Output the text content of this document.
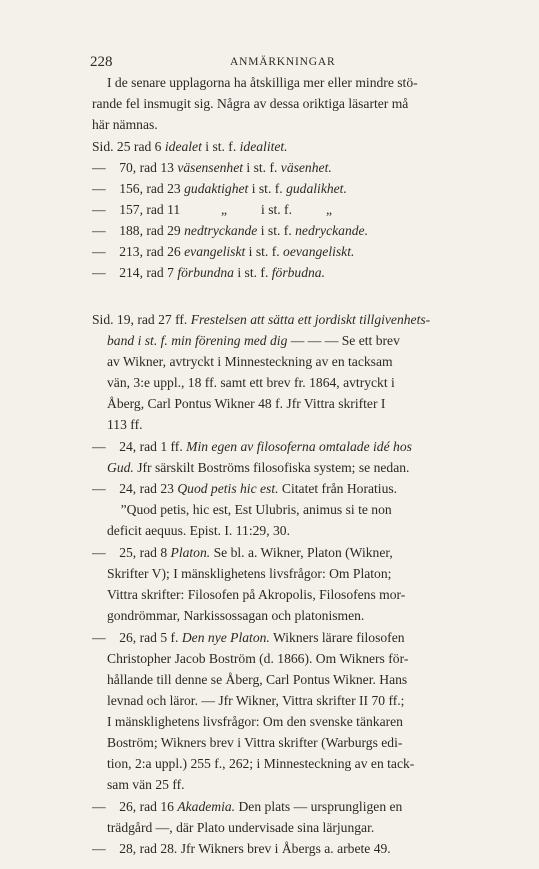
228	ANMÄRKNINGAR
I de senare upplagorna ha åtskilliga mer eller mindre stö-
rande fel insmugit sig. Några av dessa oriktiga läsarter må
här nämnas.
Sid. 25 rad 6 idealet i st. f. idealitet.
—    70, rad 13 väsensenhet i st. f. väsenhet.
—    156, rad 23 gudaktighet i st. f. gudalikhet.
—    157, rad 11            „          i st. f.          „
—    188, rad 29 nedtryckande i st. f. nedryckande.
—    213, rad 26 evangeliskt i st. f. oevangeliskt.
—    214, rad 7 förbundna i st. f. förbudna.
Sid. 19, rad 27 ff. Frestelsen att sätta ett jordiskt tillgivenhets-
band i st. f. min förening med dig — — — Se ett brev
av Wikner, avtryckt i Minnesteckning av en tacksam
vän, 3:e uppl., 18 ff. samt ett brev fr. 1864, avtryckt i
Åberg, Carl Pontus Wikner 48 f. Jfr Vittra skrifter I
113 ff.
—    24, rad 1 ff. Min egen av filosoferna omtalade idé hos
Gud. Jfr särskilt Boströms filosofiska system; se nedan.
—    24, rad 23 Quod petis hic est. Citatet från Horatius.
”Quod petis, hic est, Est Ulubris, animus si te non
deficit aequus. Epist. I. 11:29, 30.
—    25, rad 8 Platon. Se bl. a. Wikner, Platon (Wikner,
Skrifter V); I mänsklighetens livsfrågor: Om Platon;
Vittra skrifter: Filosofen på Akropolis, Filosofens mor-
gondrömmar, Narkissossagan och platonismen.
—    26, rad 5 f. Den nye Platon. Wikners lärare filosofen
Christopher Jacob Boström (d. 1866). Om Wikners för-
hållande till denne se Åberg, Carl Pontus Wikner. Hans
levnad och läror. — Jfr Wikner, Vittra skrifter II 70 ff.;
I mänsklighetens livsfrågor: Om den svenske tänkaren
Boström; Wikners brev i Vittra skrifter (Warburgs edi-
tion, 2:a uppl.) 255 f., 262; i Minnesteckning av en tack-
sam vän 25 ff.
—    26, rad 16 Akademia. Den plats — ursprungligen en
trädgård —, där Plato undervisade sina lärjungar.
—    28, rad 28. Jfr Wikners brev i Åbergs a. arbete 49.
